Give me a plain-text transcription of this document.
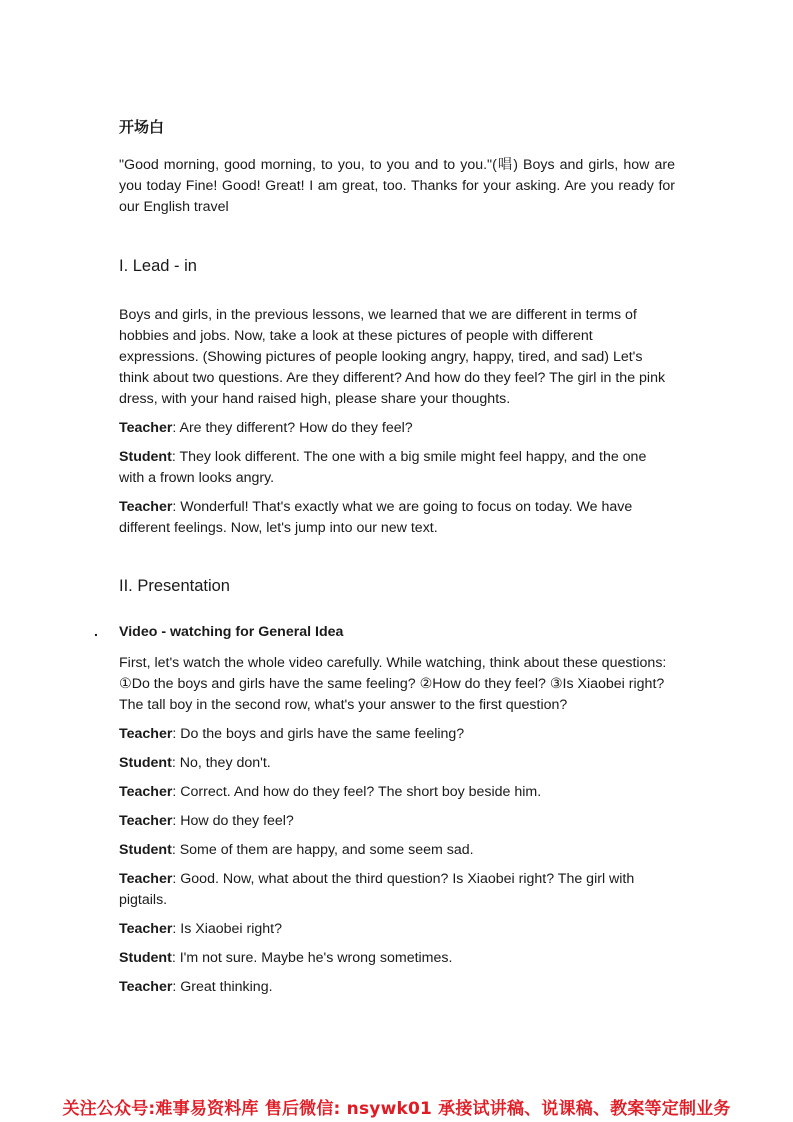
开场白

"Good morning, good morning, to you, to you and to you."(唱) Boys and girls, how are you today Fine! Good! Great! I am great, too. Thanks for your asking. Are you ready for our English travel

I. Lead - in

Boys and girls, in the previous lessons, we learned that we are different in terms of hobbies and jobs. Now, take a look at these pictures of people with different expressions. (Showing pictures of people looking angry, happy, tired, and sad) Let's think about two questions. Are they different? And how do they feel? The girl in the pink dress, with your hand raised high, please share your thoughts.

Teacher: Are they different? How do they feel?

Student: They look different. The one with a big smile might feel happy, and the one with a frown looks angry.

Teacher: Wonderful! That's exactly what we are going to focus on today. We have different feelings. Now, let's jump into our new text.

II. Presentation
. Video - watching for General Idea

First, let's watch the whole video carefully. While watching, think about these questions: ①Do the boys and girls have the same feeling? ②How do they feel? ③Is Xiaobei right? The tall boy in the second row, what's your answer to the first question?

Teacher: Do the boys and girls have the same feeling?

Student: No, they don't.

Teacher: Correct. And how do they feel? The short boy beside him.

Teacher: How do they feel?

Student: Some of them are happy, and some seem sad.

Teacher: Good. Now, what about the third question? Is Xiaobei right? The girl with pigtails.

Teacher: Is Xiaobei right?

Student: I'm not sure. Maybe he's wrong sometimes.

Teacher: Great thinking.

关注公众号:难事易资料库 售后微信: nsywk01 承接试讲稿、说课稿、教案等定制业务
